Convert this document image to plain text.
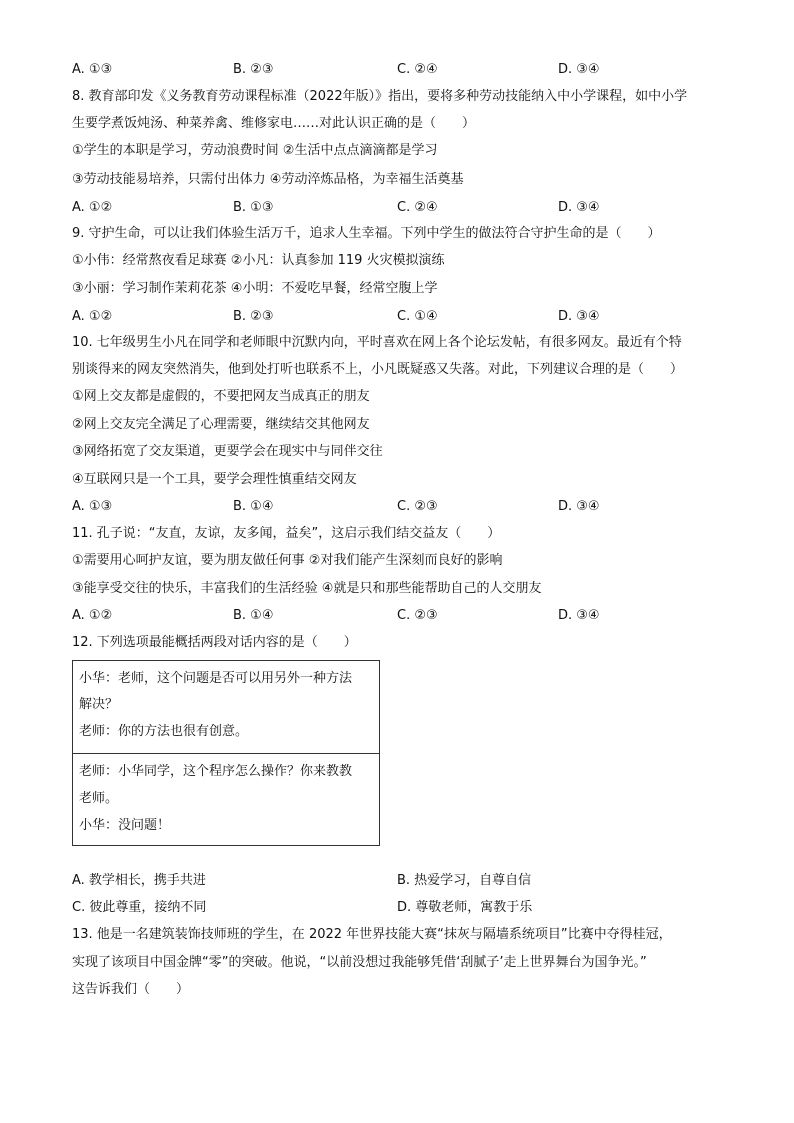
A. ①③	B. ②③	C. ②④	D. ③④
8. 教育部印发《义务教育劳动课程标准（2022年版）》指出，要将多种劳动技能纳入中小学课程，如中小学
生要学煮饭炖汤、种菜养禽、维修家电……对此认识正确的是（　　）
①学生的本职是学习，劳动浪费时间 ②生活中点点滴滴都是学习
③劳动技能易培养，只需付出体力 ④劳动淬炼品格，为幸福生活奠基
A. ①②	B. ①③	C. ②④	D. ③④
9. 守护生命，可以让我们体验生活万千，追求人生幸福。下列中学生的做法符合守护生命的是（　　）
①小伟：经常熬夜看足球赛 ②小凡：认真参加 119 火灾模拟演练
③小丽：学习制作茉莉花茶 ④小明：不爱吃早餐，经常空腹上学
A. ①②	B. ②③	C. ①④	D. ③④
10. 七年级男生小凡在同学和老师眼中沉默内向，平时喜欢在网上各个论坛发帖，有很多网友。最近有个特
别谈得来的网友突然消失，他到处打听也联系不上，小凡既疑惑又失落。对此，下列建议合理的是（　　）
①网上交友都是虚假的，不要把网友当成真正的朋友
②网上交友完全满足了心理需要，继续结交其他网友
③网络拓宽了交友渠道，更要学会在现实中与同伴交往
④互联网只是一个工具，要学会理性慎重结交网友
A. ①③	B. ①④	C. ②③	D. ③④
11. 孔子说：“友直，友谅，友多闻，益矣”，这启示我们结交益友（　　）
①需要用心呵护友谊，要为朋友做任何事 ②对我们能产生深刻而良好的影响
③能享受交往的快乐，丰富我们的生活经验 ④就是只和那些能帮助自己的人交朋友
A. ①②	B. ①④	C. ②③	D. ③④
12. 下列选项最能概括两段对话内容的是（　　）
小华：老师，这个问题是否可以用另外一种方法
解决？
老师：你的方法也很有创意。
老师：小华同学，这个程序怎么操作？你来教教
老师。
小华：没问题！
A. 教学相长，携手共进	B. 热爱学习，自尊自信
C. 彼此尊重，接纳不同	D. 尊敬老师，寓教于乐
13. 他是一名建筑装饰技师班的学生，在 2022 年世界技能大赛“抹灰与隔墙系统项目”比赛中夺得桂冠，
实现了该项目中国金牌“零”的突破。他说，“以前没想过我能够凭借‘刮腻子’走上世界舞台为国争光。”
这告诉我们（　　）
